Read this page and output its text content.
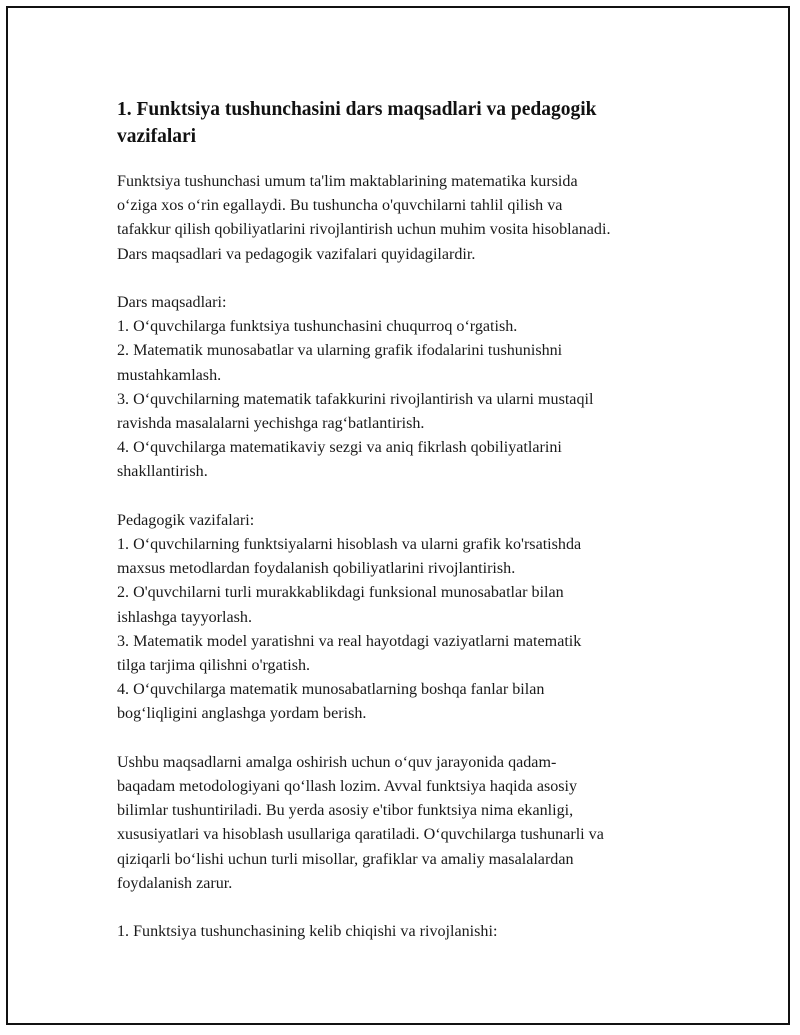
1. Funktsiya tushunchasini dars maqsadlari va pedagogik
vazifalari
Funktsiya tushunchasi umum ta'lim maktablarining matematika kursida
o‘ziga xos o‘rin egallaydi. Bu tushuncha o'quvchilarni tahlil qilish va
tafakkur qilish qobiliyatlarini rivojlantirish uchun muhim vosita hisoblanadi.
Dars maqsadlari va pedagogik vazifalari quyidagilardir.
Dars maqsadlari:
1. O‘quvchilarga funktsiya tushunchasini chuqurroq o‘rgatish.
2. Matematik munosabatlar va ularning grafik ifodalarini tushunishni
mustahkamlash.
3. O‘quvchilarning matematik tafakkurini rivojlantirish va ularni mustaqil
ravishda masalalarni yechishga rag‘batlantirish.
4. O‘quvchilarga matematikaviy sezgi va aniq fikrlash qobiliyatlarini
shakllantirish.
Pedagogik vazifalari:
1. O‘quvchilarning funktsiyalarni hisoblash va ularni grafik ko'rsatishda
maxsus metodlardan foydalanish qobiliyatlarini rivojlantirish.
2. O'quvchilarni turli murakkablikdagi funksional munosabatlar bilan
ishlashga tayyorlash.
3. Matematik model yaratishni va real hayotdagi vaziyatlarni matematik
tilga tarjima qilishni o'rgatish.
4. O‘quvchilarga matematik munosabatlarning boshqa fanlar bilan
bog‘liqligini anglashga yordam berish.
Ushbu maqsadlarni amalga oshirish uchun o‘quv jarayonida qadam-
baqadam metodologiyani qo‘llash lozim. Avval funktsiya haqida asosiy
bilimlar tushuntiriladi. Bu yerda asosiy e'tibor funktsiya nima ekanligi,
xususiyatlari va hisoblash usullariga qaratiladi. O‘quvchilarga tushunarli va
qiziqarli bo‘lishi uchun turli misollar, grafiklar va amaliy masalalardan
foydalanish zarur.
1. Funktsiya tushunchasining kelib chiqishi va rivojlanishi:
